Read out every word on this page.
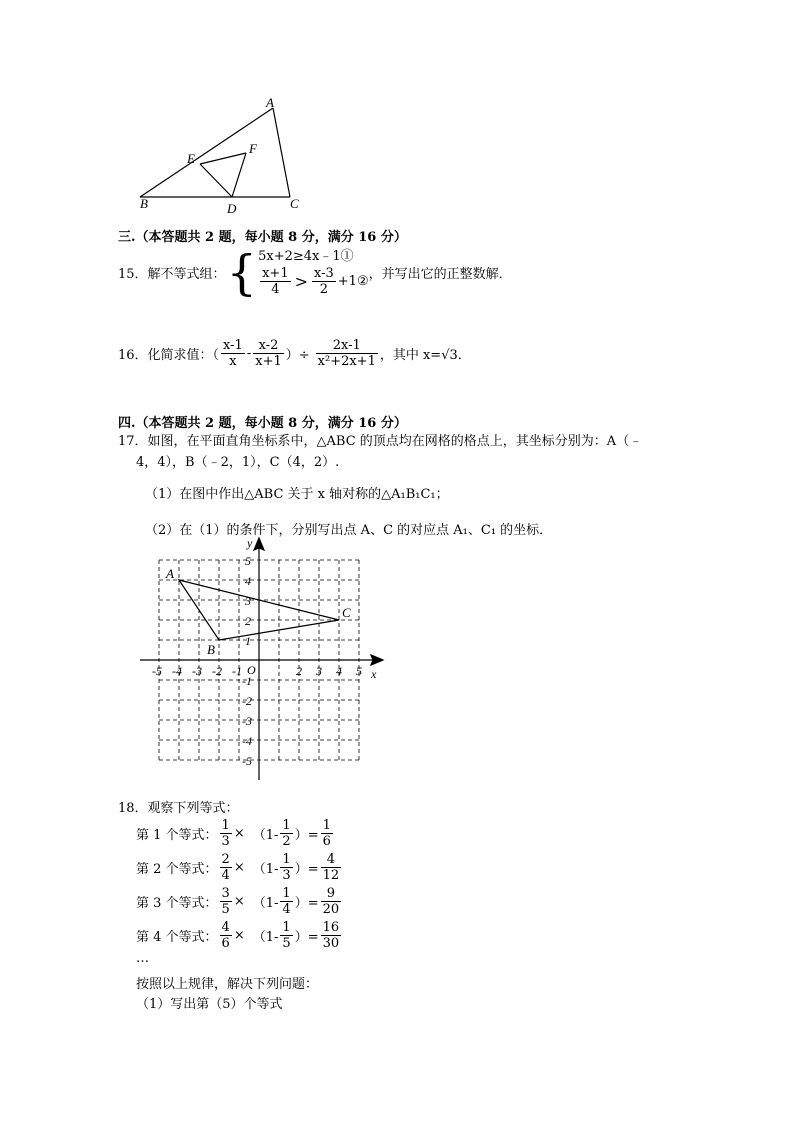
A
E
F
B	D	C
三.（本答题共 2 题，每小题 8 分，满分 16 分）
15．解不等式组： { 5x+2≥4x﹣1①
$\frac{x+1}{4} > \frac{x-3}{2}$ +1② ，并写出它的正整数解．
16．化简求值：（ $\frac{x-1}{x} - \frac{x-2}{x+1}$ ）÷ $\frac{2x-1}{\text{x²+2x+1}}$ ，其中 x=√3．
四.（本答题共 2 题，每小题 8 分，满分 16 分）
17．如图，在平面直角坐标系中，△ABC 的顶点均在网格的格点上，其坐标分别为：A（﹣
4，4），B（﹣2，1），C（4，2）.
（1）在图中作出△ABC 关于 x 轴对称的△A₁B₁C₁；
（2）在（1）的条件下，分别写出点 A、C 的对应点 A₁、C₁ 的坐标．
-5 -4 -3 -2 -1	2 3 4 5
5
4
3
2
1
-1
-2
-3
-4
-5
x
y
O
A
B
C
18．观察下列等式：
第 1 个等式： $\frac{1}{3} \times (1- \frac{1}{2}$ ）= $\frac{1}{6}$
第 2 个等式： $\frac{2}{4} \times (1- \frac{1}{3}$ ）= $\frac{4}{12}$
第 3 个等式： $\frac{3}{5} \times (1- \frac{1}{4}$ ）= $\frac{9}{20}$
第 4 个等式： $\frac{4}{6} \times (1- \frac{1}{5}$ ）= $\frac{16}{30}$
…
按照以上规律，解决下列问题：
（1）写出第（5）个等式
